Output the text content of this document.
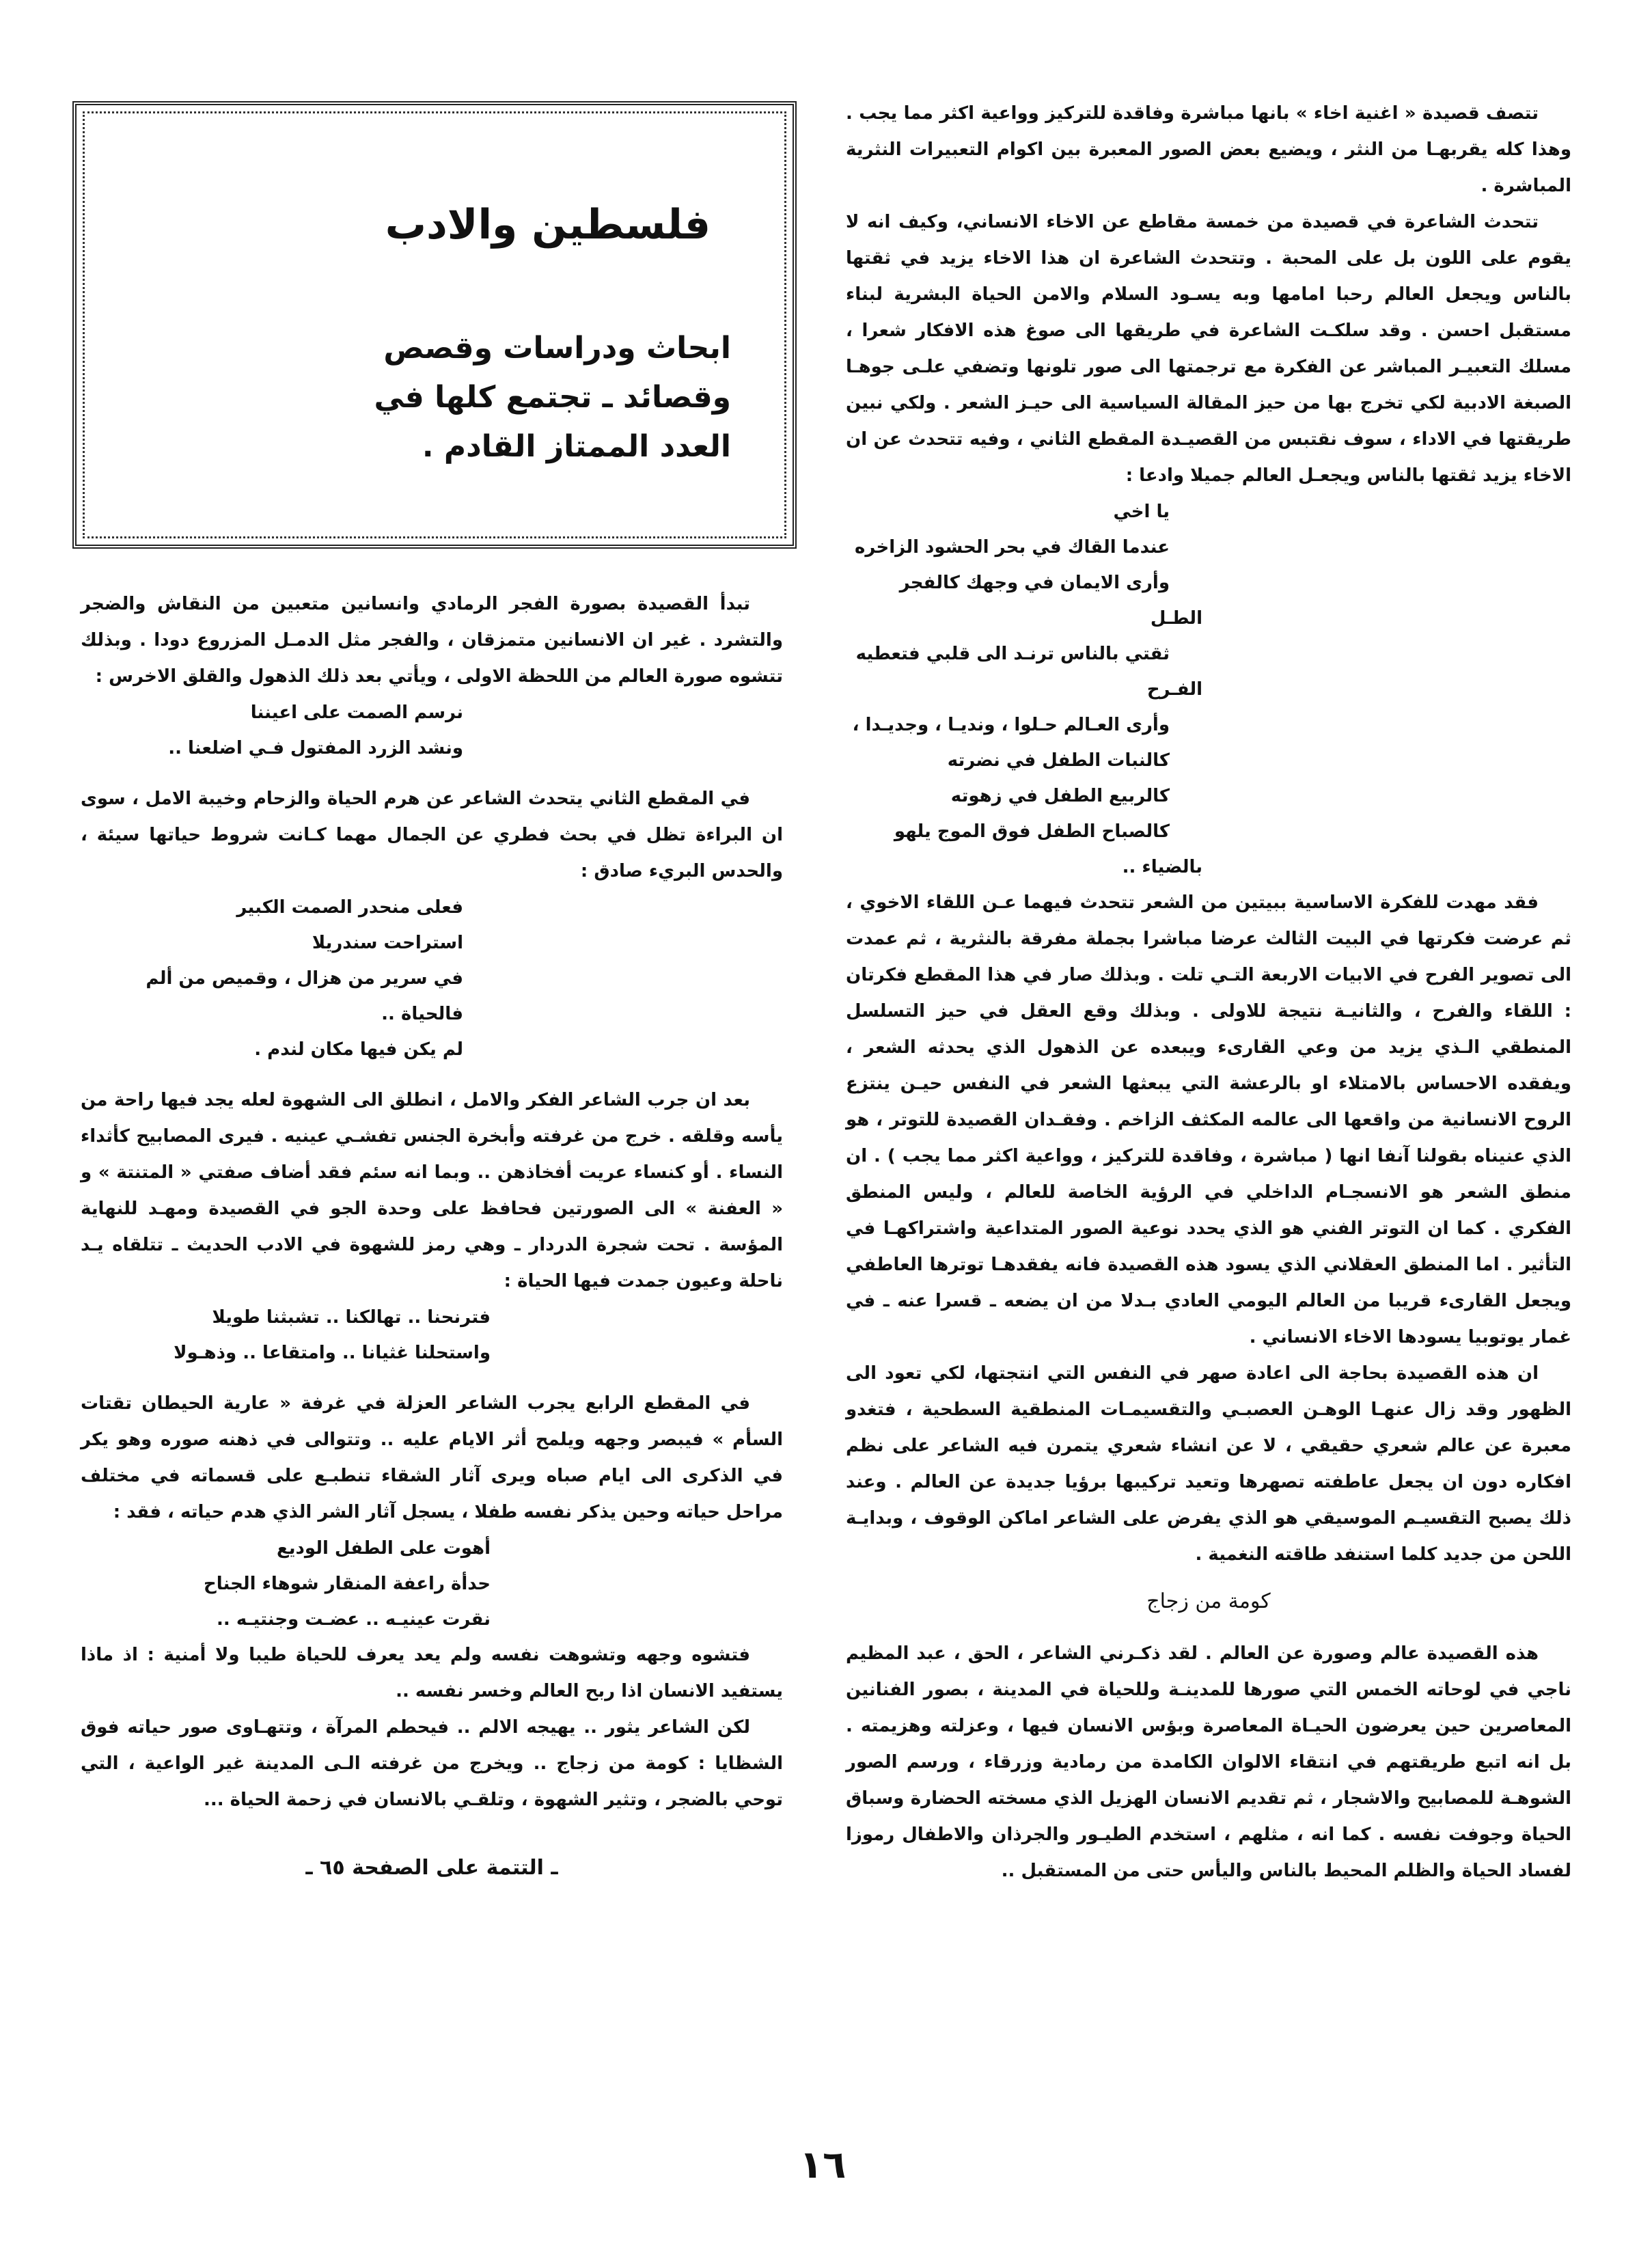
فلسطين والادب
ابحاث ودراسات وقصص وقصائد ـ تجتمع كلها في العدد الممتاز القادم .

تتصف قصيدة « اغنية اخاء » بانها مباشرة وفاقدة للتركيز وواعية اكثر مما يجب . وهذا كله يقربهـا من النثر ، ويضيع بعض الصور المعبرة بين اكوام التعبيرات النثرية المباشرة .

تتحدث الشاعرة في قصيدة من خمسة مقاطع عن الاخاء الانساني، وكيف انه لا يقوم على اللون بل على المحبة . وتتحدث الشاعرة ان هذا الاخاء يزيد في ثقتها بالناس ويجعل العالم رحبا امامها وبه يسـود السلام والامن الحياة البشرية لبناء مستقبل احسن . وقد سلكـت الشاعرة في طريقها الى صوغ هذه الافكار شعرا ، مسلك التعبيـر المباشر عن الفكرة مع ترجمتها الى صور تلونها وتضفي علـى جوهـا الصبغة الادبية لكي تخرج بها من حيز المقالة السياسية الى حيـز الشعر . ولكي نبين طريقتها في الاداء ، سوف نقتبس من القصيـدة المقطع الثاني ، وفيه تتحدث عن ان الاخاء يزيد ثقتها بالناس ويجعـل العالم جميلا وادعا :

يا اخي

عندما القاك في بحر الحشود الزاخره

وأرى الايمان في وجهك كالفجر الطـل

ثقتي بالناس ترنـد الى قلبي فتعطيه الفـرح

وأرى العـالم حـلوا ، ونديـا ، وجديـدا ،

كالنبات الطفل في نضرته

كالربيع الطفل في زهوته

كالصباح الطفل فوق الموج يلهو بالضياء ..

فقد مهدت للفكرة الاساسية ببيتين من الشعر تتحدث فيهما عـن اللقاء الاخوي ، ثم عرضت فكرتها في البيت الثالث عرضا مباشرا بجملة مفرقة بالنثرية ، ثم عمدت الى تصوير الفرح في الابيات الاربعة التـي تلت . وبذلك صار في هذا المقطع فكرتان : اللقاء والفرح ، والثانيـة نتيجة للاولى . وبذلك وقع العقل في حيز التسلسل المنطقي الـذي يزيد من وعي القارىء ويبعده عن الذهول الذي يحدثه الشعر ، ويفقده الاحساس بالامتلاء او بالرعشة التي يبعثها الشعر في النفس حيـن ينتزع الروح الانسانية من واقعها الى عالمه المكثف الزاخم . وفقـدان القصيدة للتوتر ، هو الذي عنيناه بقولنا آنفا انها ( مباشرة ، وفاقدة للتركيز ، وواعية اكثر مما يجب ) . ان منطق الشعر هو الانسجـام الداخلي في الرؤية الخاصة للعالم ، وليس المنطق الفكري . كما ان التوتر الفني هو الذي يحدد نوعية الصور المتداعية واشتراكهـا في التأثير . اما المنطق العقلاني الذي يسود هذه القصيدة فانه يفقدهـا توترها العاطفي ويجعل القارىء قريبا من العالم اليومي العادي بـدلا من ان يضعه ـ قسرا عنه ـ في غمار يوتوبيا يسودها الاخاء الانساني .

ان هذه القصيدة بحاجة الى اعادة صهر في النفس التي انتجتها، لكي تعود الى الظهور وقد زال عنهـا الوهـن العصبـي والتقسيمـات المنطقية السطحية ، فتغدو معبرة عن عالم شعري حقيقي ، لا عن انشاء شعري يتمرن فيه الشاعر على نظم افكاره دون ان يجعل عاطفته تصهرها وتعيد تركيبها برؤيا جديدة عن العالم . وعند ذلك يصبح التقسيـم الموسيقي هو الذي يفرض على الشاعر اماكن الوقوف ، وبدايـة اللحن من جديد كلما استنفد طاقته النغمية .

كومة من زجاج

هذه القصيدة عالم وصورة عن العالم . لقد ذكـرني الشاعر ، الحق ، عبد المظيم ناجي في لوحاته الخمس التي صورها للمدينـة وللحياة في المدينة ، بصور الفنانين المعاصرين حين يعرضون الحيـاة المعاصرة وبؤس الانسان فيها ، وعزلته وهزيمته . بل انه اتبع طريقتهم في انتقاء الالوان الكامدة من رمادية وزرقاء ، ورسم الصور الشوهـة للمصابيح والاشجار ، ثم تقديم الانسان الهزيل الذي مسخته الحضارة وسباق الحياة وجوفت نفسه . كما انه ، مثلهم ، استخدم الطيـور والجرذان والاطفال رموزا لفساد الحياة والظلم المحيط بالناس واليأس حتى من المستقبل ..

تبدأ القصيدة بصورة الفجر الرمادي وانسانين متعبين من النقاش والضجر والتشرد . غير ان الانسانين متمزقان ، والفجر مثل الدمـل المزروع دودا . وبذلك تتشوه صورة العالم من اللحظة الاولى ، ويأتي بعد ذلك الذهول والقلق الاخرس :

نرسم الصمت على اعيننا

ونشد الزرد المفتول فـي اضلعنا ..

في المقطع الثاني يتحدث الشاعر عن هرم الحياة والزحام وخيبة الامل ، سوى ان البراءة تظل في بحث فطري عن الجمال مهما كـانت شروط حياتها سيئة ، والحدس البريء صادق :

فعلى منحدر الصمت الكبير

استراحت سندريلا

في سرير من هزال ، وقميص من ألم

فالحياة ..

لم يكن فيها مكان لندم .

بعد ان جرب الشاعر الفكر والامل ، انطلق الى الشهوة لعله يجد فيها راحة من يأسه وقلقه . خرج من غرفته وأبخرة الجنس تفشـي عينيه . فيرى المصابيح كأثداء النساء . أو كنساء عريت أفخاذهن .. وبما انه سئم فقد أضاف صفتي « المتنتة » و « العفنة » الى الصورتين فحافظ على وحدة الجو في القصيدة ومهـد للنهاية المؤسة . تحت شجرة الدردار ـ وهي رمز للشهوة في الادب الحديث ـ تتلقاه يـد ناحلة وعيون جمدت فيها الحياة :

فترنحنا .. تهالكنا .. تشبثنا طويلا

واستحلنا غثيانا .. وامتقاعا .. وذهـولا

في المقطع الرابع يجرب الشاعر العزلة في غرفة « عارية الحيطان تقتات السأم » فيبصر وجهه ويلمح أثر الايام عليه .. وتتوالى في ذهنه صوره وهو يكر في الذكرى الى ايام صباه ويرى آثار الشقاء تنطبـع على قسماته في مختلف مراحل حياته وحين يذكر نفسه طفلا ، يسجل آثار الشر الذي هدم حياته ، فقد :

أهوت على الطفل الوديع

حدأة راعفة المنقار شوهاء الجناح

نقرت عينيـه .. عضـت وجنتيـه ..

فتشوه وجهه وتشوهت نفسه ولم يعد يعرف للحياة طيبا ولا أمنية : اذ ماذا يستفيد الانسان اذا ربح العالم وخسر نفسه ..

لكن الشاعر يثور .. يهيجه الالم .. فيحطم المرآة ، وتتهـاوى صور حياته فوق الشظايا : كومة من زجاج .. ويخرج من غرفته الـى المدينة غير الواعية ، التي توحي بالضجر ، وتثير الشهوة ، وتلقـي بالانسان في زحمة الحياة ...

ـ التتمة على الصفحة ٦٥ ـ
١٦
